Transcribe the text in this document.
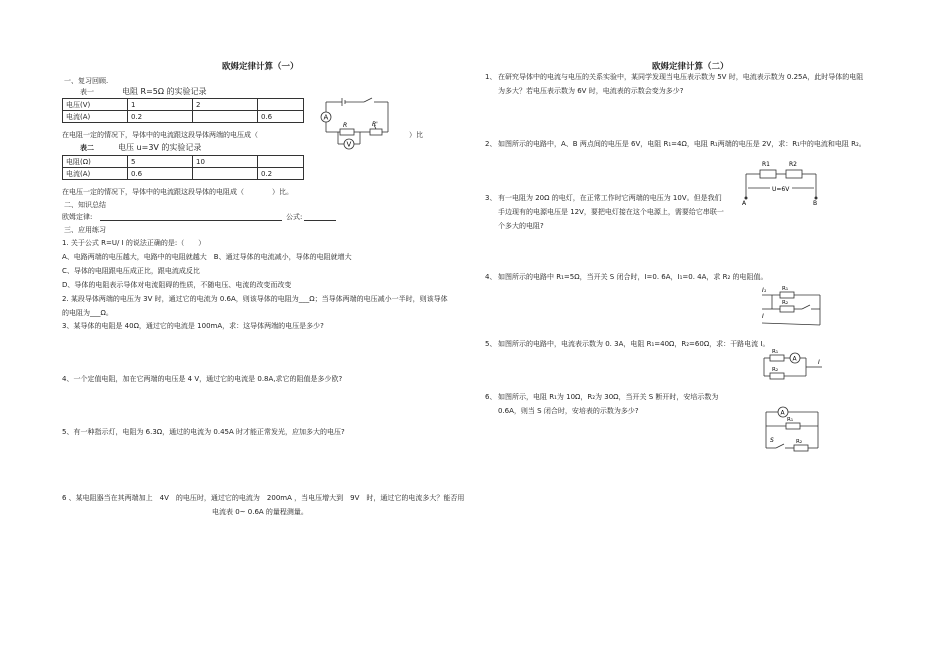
欧姆定律计算（一）
一、复习回顾.
表一	电阻 R=5Ω 的实验记录
电压(V)	1	2	
电流(A)	0.2		0.6
在电阻一定的情况下，导体中的电流跟这段导体两端的电压成（	）比
表二	电压 u=3V 的实验记录
电阻(Ω)	5	10	
电流(A)	0.6		0.2
在电压一定的情况下，导体中的电流跟这段导体的电阻成（　　　　）比。
二、知识总结
欧姆定律:	公式:
三、应用练习
1. 关于公式 R=U/ I 的说法正确的是:（　　）
A、电路两端的电压越大，电路中的电阻就越大　B、通过导体的电流减小，导体的电阻就增大
C、导体的电阻跟电压成正比，跟电流成反比
D、导体的电阻表示导体对电流阻碍的性质，不随电压、电流的改变而改变
2. 某段导体两端的电压为 3V 时，通过它的电流为 0.6A，则该导体的电阻为___Ω；当导体两端的电压减小一半时，则该导体
的电阻为___Ω。
3、某导体的电阻是 40Ω，通过它的电流是 100mA，求：这导体两端的电压是多少?
4、一个定值电阻，加在它两端的电压是 4 V，通过它的电流是 0.8A,求它的阻值是多少欧?
5、有一种指示灯，电阻为 6.3Ω，通过的电流为 0.45A 时才能正常发光，应加多大的电压?
6 、某电阻器当在其两端加上　4V　的电压时，通过它的电流为　200mA ，当电压增大到　9V　时，通过它的电流多大？能否用
电流表 0~ 0.6A 的量程测量。
A
V
R	R'
欧姆定律计算（二）
1、 在研究导体中的电流与电压的关系实验中，某同学发现当电压表示数为 5V 时，电流表示数为 0.25A，此时导体的电阻
为多大？若电压表示数为 6V 时，电流表的示数会变为多少?
2、 如图所示的电路中，A、B 两点间的电压是 6V，电阻 R₁=4Ω，电阻 R₁两端的电压是 2V，求：R₁中的电流和电阻 R₂。
3、 有一电阻为 20Ω 的电灯，在正常工作时它两端的电压为 10V。但是我们
手边现有的电源电压是 12V，要把电灯接在这个电源上，需要给它串联一
个多大的电阻?
4、 如图所示的电路中 R₁=5Ω，当开关 S 闭合时，I=0. 6A，I₁=0. 4A，求 R₂ 的电阻值。
5、 如图所示的电路中，电流表示数为 0. 3A，电阻 R₁=40Ω，R₂=60Ω，求：干路电流 I。
6、 如图所示，电阻 R₁为 10Ω，R₂为 30Ω，当开关 S 断开时，安培示数为
0.6A，则当 S 闭合时，安培表的示数为多少?
R1	R2
U=6V
A	B
I₁	R₁
R₂
I
R₁
R₂
A	I
A
R₁
S	R₂
